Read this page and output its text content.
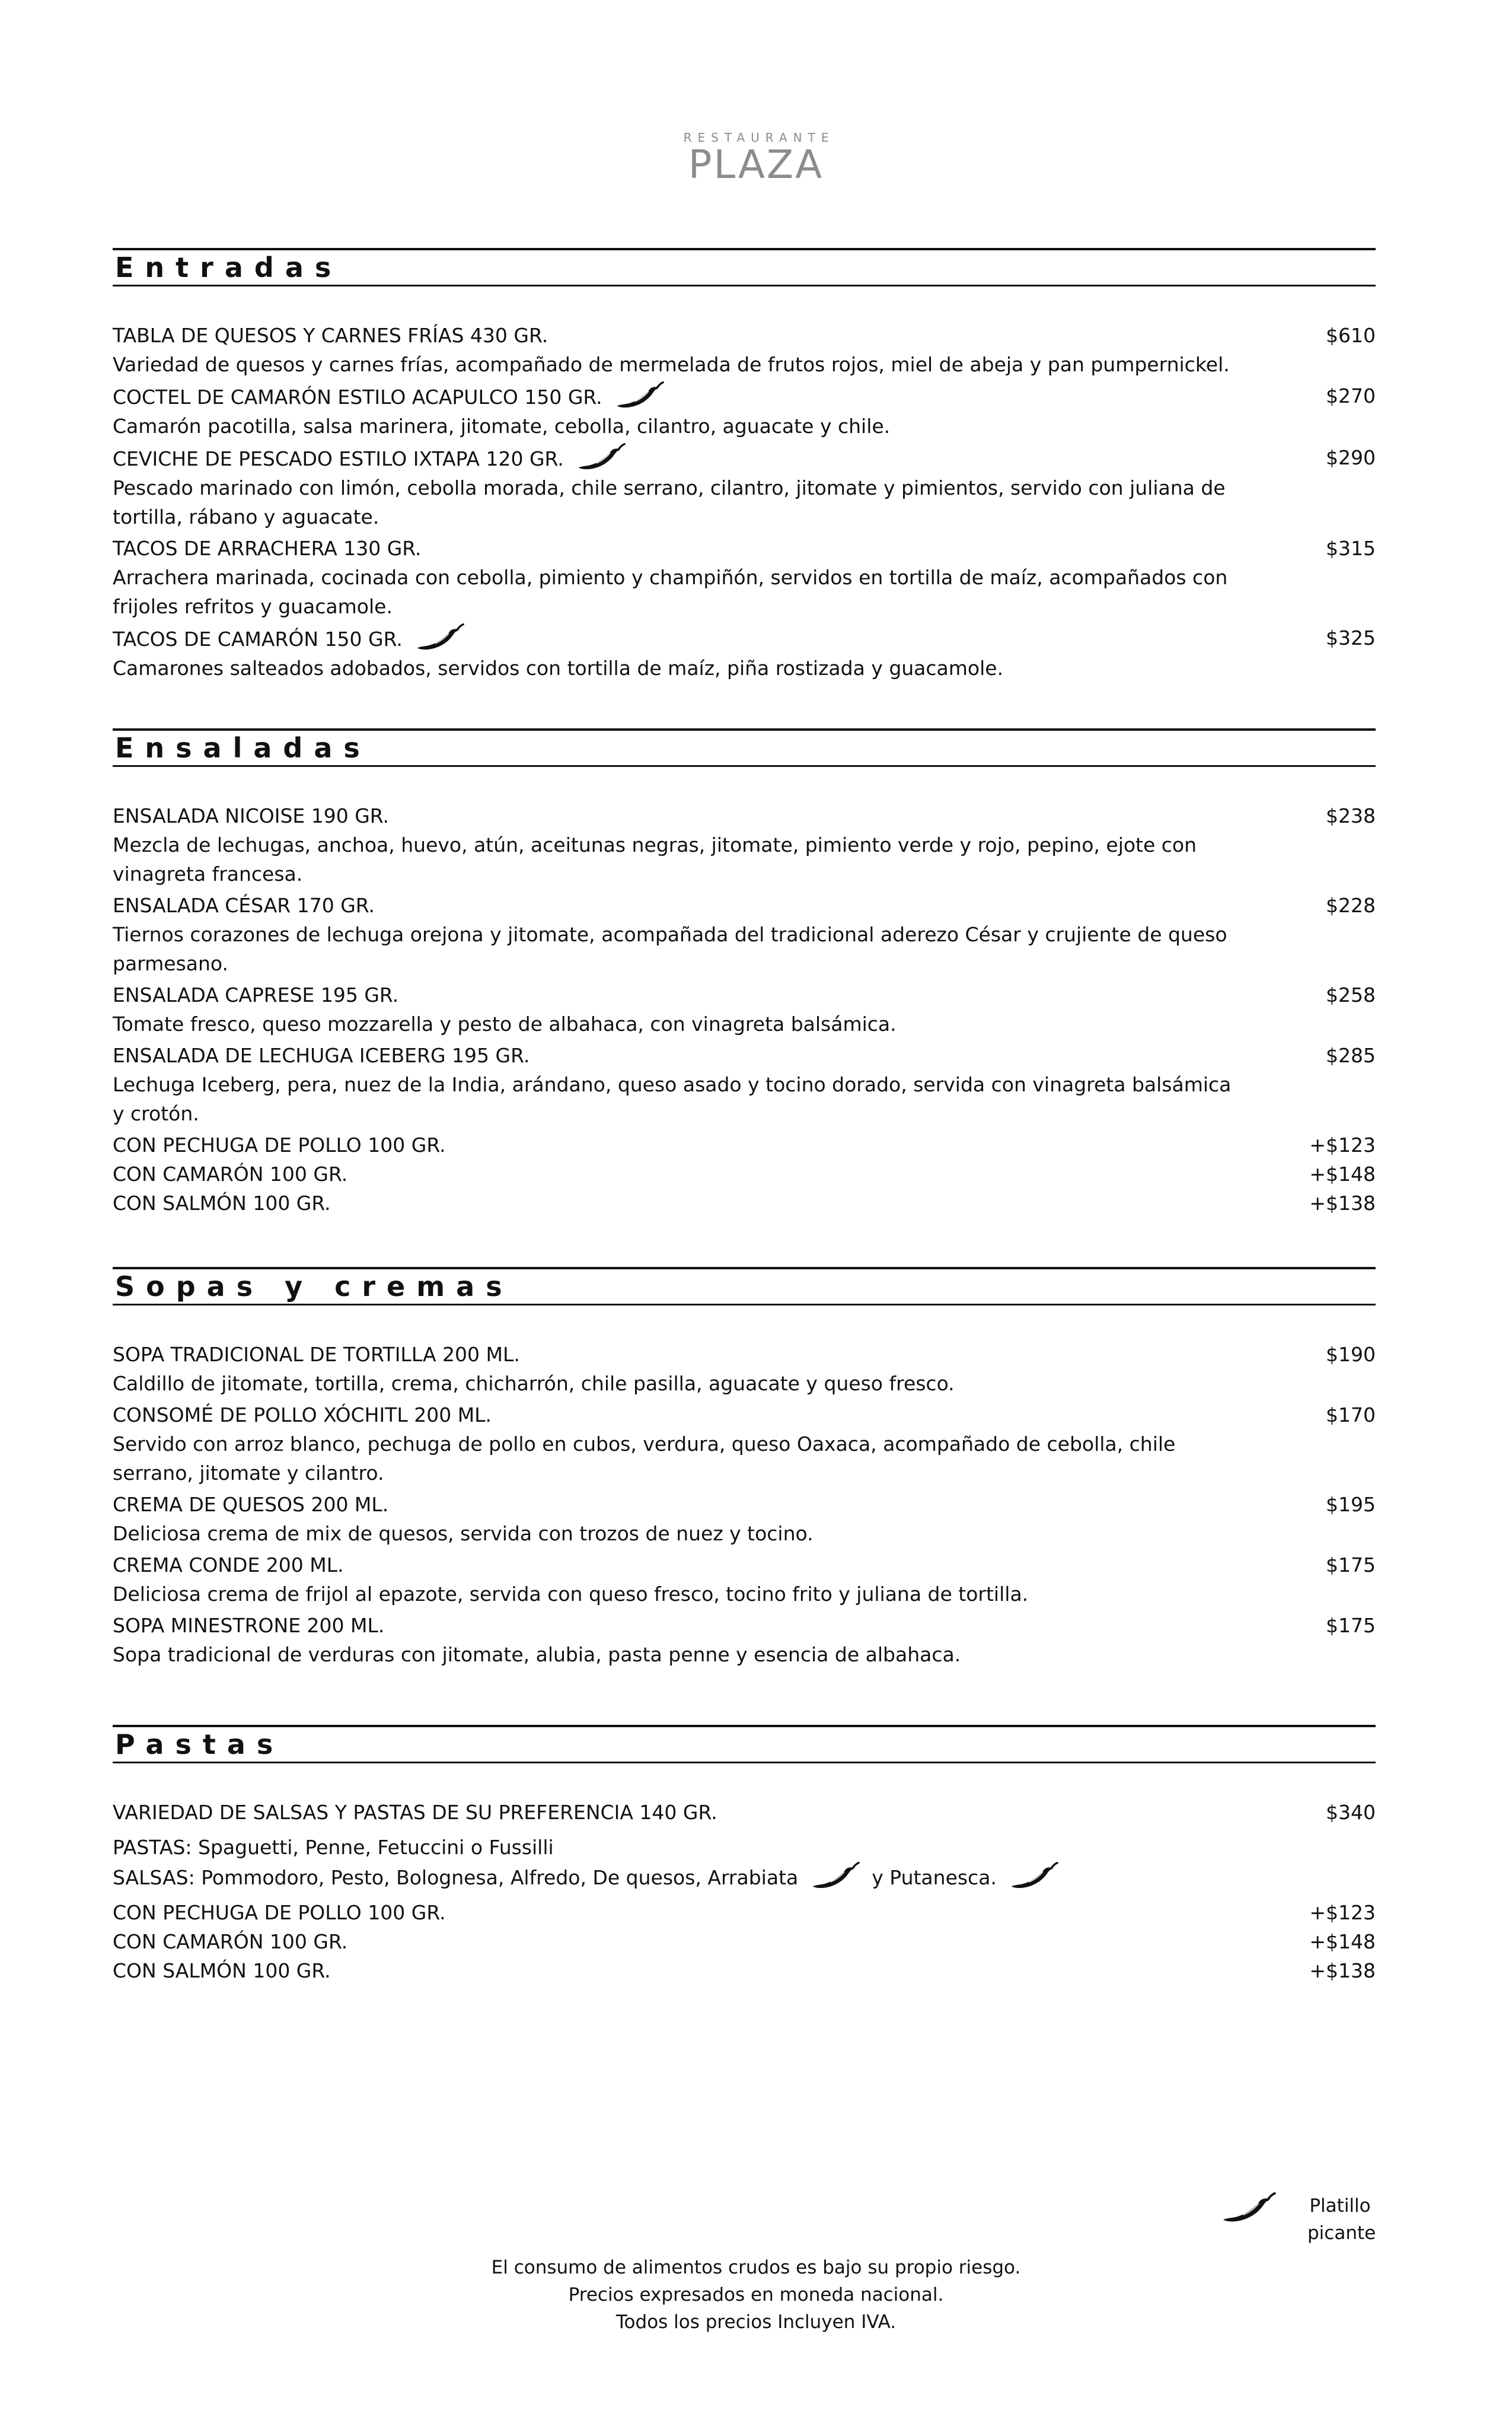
RESTAURANTE
PLAZA
Entradas
TABLA DE QUESOS Y CARNES FRÍAS 430 GR.	$610
Variedad de quesos y carnes frías, acompañado de mermelada de frutos rojos, miel de abeja y pan pumpernickel.
COCTEL DE CAMARÓN ESTILO ACAPULCO 150 GR.	$270
Camarón pacotilla, salsa marinera, jitomate, cebolla, cilantro, aguacate y chile.
CEVICHE DE PESCADO ESTILO IXTAPA 120 GR.	$290
Pescado marinado con limón, cebolla morada, chile serrano, cilantro, jitomate y pimientos, servido con juliana de tortilla, rábano y aguacate.
TACOS DE ARRACHERA 130 GR.	$315
Arrachera marinada, cocinada con cebolla, pimiento y champiñón, servidos en tortilla de maíz, acompañados con frijoles refritos y guacamole.
TACOS DE CAMARÓN 150 GR.	$325
Camarones salteados adobados, servidos con tortilla de maíz, piña rostizada y guacamole.
Ensaladas
ENSALADA NICOISE 190 GR.	$238
Mezcla de lechugas, anchoa, huevo, atún, aceitunas negras, jitomate, pimiento verde y rojo, pepino, ejote con vinagreta francesa.
ENSALADA CÉSAR 170 GR.	$228
Tiernos corazones de lechuga orejona y jitomate, acompañada del tradicional aderezo César y crujiente de queso parmesano.
ENSALADA CAPRESE 195 GR.	$258
Tomate fresco, queso mozzarella y pesto de albahaca, con vinagreta balsámica.
ENSALADA DE LECHUGA ICEBERG 195 GR.	$285
Lechuga Iceberg, pera, nuez de la India, arándano, queso asado y tocino dorado, servida con vinagreta balsámica y crotón.
CON PECHUGA DE POLLO 100 GR.	+$123
CON CAMARÓN 100 GR.	+$148
CON SALMÓN 100 GR.	+$138
Sopas y cremas
SOPA TRADICIONAL DE TORTILLA 200 ML.	$190
Caldillo de jitomate, tortilla, crema, chicharrón, chile pasilla, aguacate y queso fresco.
CONSOMÉ DE POLLO XÓCHITL 200 ML.	$170
Servido con arroz blanco, pechuga de pollo en cubos, verdura, queso Oaxaca, acompañado de cebolla, chile serrano, jitomate y cilantro.
CREMA DE QUESOS 200 ML.	$195
Deliciosa crema de mix de quesos, servida con trozos de nuez y tocino.
CREMA CONDE 200 ML.	$175
Deliciosa crema de frijol al epazote, servida con queso fresco, tocino frito y juliana de tortilla.
SOPA MINESTRONE 200 ML.	$175
Sopa tradicional de verduras con jitomate, alubia, pasta penne y esencia de albahaca.
Pastas
VARIEDAD DE SALSAS Y PASTAS DE SU PREFERENCIA 140 GR.	$340
PASTAS: Spaguetti, Penne, Fetuccini o Fussilli
SALSAS: Pommodoro, Pesto, Bolognesa, Alfredo, De quesos, Arrabiata	y Putanesca.
CON PECHUGA DE POLLO 100 GR.	+$123
CON CAMARÓN 100 GR.	+$148
CON SALMÓN 100 GR.	+$138
Platillo
picante
El consumo de alimentos crudos es bajo su propio riesgo.
Precios expresados en moneda nacional.
Todos los precios Incluyen IVA.
